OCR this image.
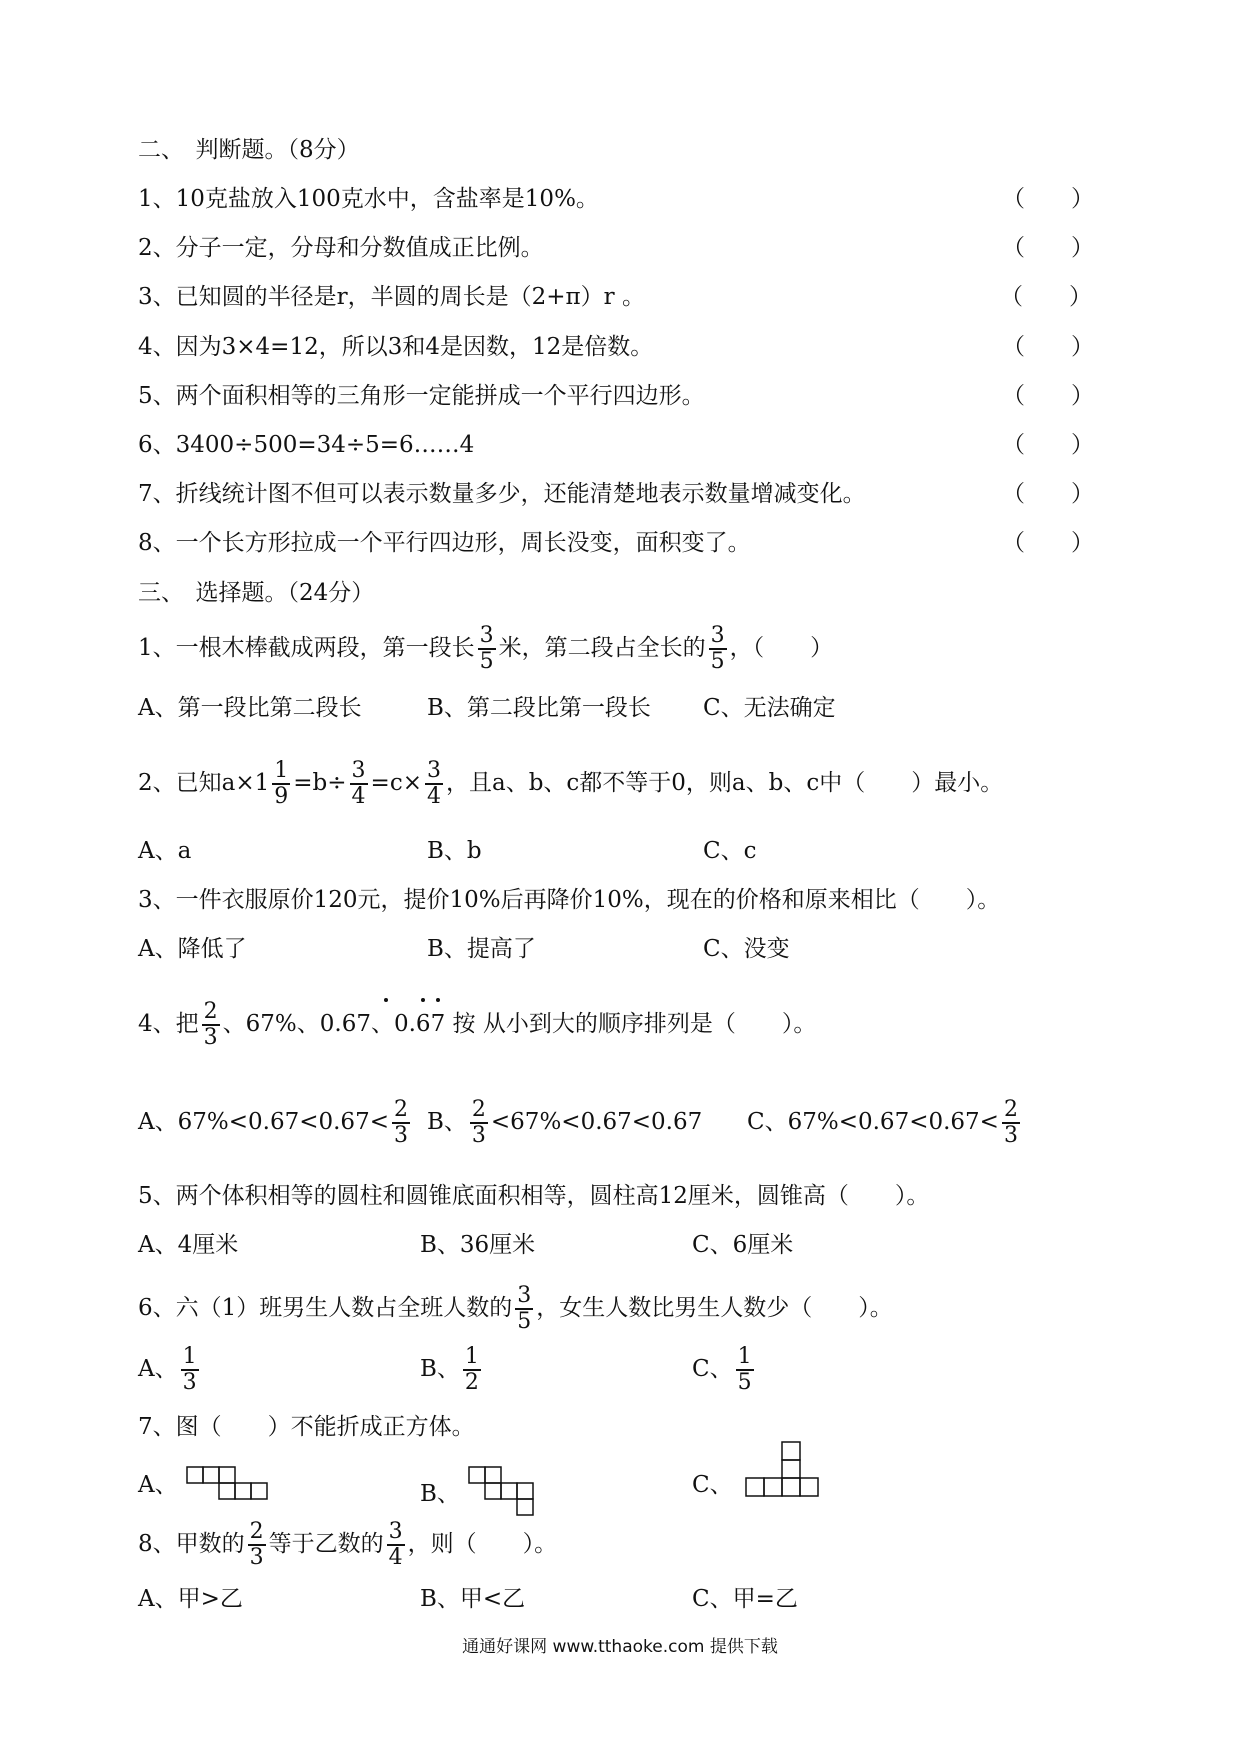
二、　判断题。（8分）
1、10克盐放入100克水中，含盐率是10%。	（　　）
2、分子一定，分母和分数值成正比例。	（　　）
3、已知圆的半径是r，半圆的周长是（2+π）r 。	（　　）
4、因为3×4=12，所以3和4是因数，12是倍数。	（　　）
5、两个面积相等的三角形一定能拼成一个平行四边形。	（　　）
6、3400÷500=34÷5=6……4	（　　）
7、折线统计图不但可以表示数量多少，还能清楚地表示数量增减变化。	（　　）
8、一个长方形拉成一个平行四边形，周长没变，面积变了。	（　　）
三、　选择题。（24分）
1、一根木棒截成两段，第一段长 $\frac{3}{5}$ 米，第二段占全长的 $\frac{3}{5}$ ，（　　）
A、第一段比第二段长	B、第二段比第一段长 C、无法确定
2、已知$a\times 1 \frac{1}{9} =b\div \frac{3}{4} =c\times \frac{3}{4}$ ，且a、b、c都不等于0，则a、b、c中（　　）最小。
A、a	B、b	C、c
3、一件衣服原价120元，提价10%后再降价10%，现在的价格和原来相比（　　）。
A、降低了	B、提高了	C、没变
4、把 $\frac{2}{3}$ 、67%、0.67、0.67 按 从小到大的顺序排列是（　　）。
A、$67\%<0.67<0.67< \frac{2}{3}$ B、 $\frac{2}{3} <67\%<0.67<0.67$ C、$67\%<0.67<0.67< \frac{2}{3}$
5、两个体积相等的圆柱和圆锥底面积相等，圆柱高12厘米，圆锥高（　　）。
A、4厘米	B、36厘米	C、6厘米
6、六（1）班男生人数占全班人数的 $\frac{3}{5}$ ，女生人数比男生人数少（　　）。
A、 $\frac{1}{3}$	B、 $\frac{1}{2}$	C、 $\frac{1}{5}$
7、图（　　）不能折成正方体。
A、	B、	C、
8、甲数的 $\frac{2}{3}$ 等于乙数的 $\frac{3}{4}$ ，则（　　）。
A、甲>乙	B、甲<乙	C、甲=乙
通通好课网 www.tthaoke.com 提供下载
